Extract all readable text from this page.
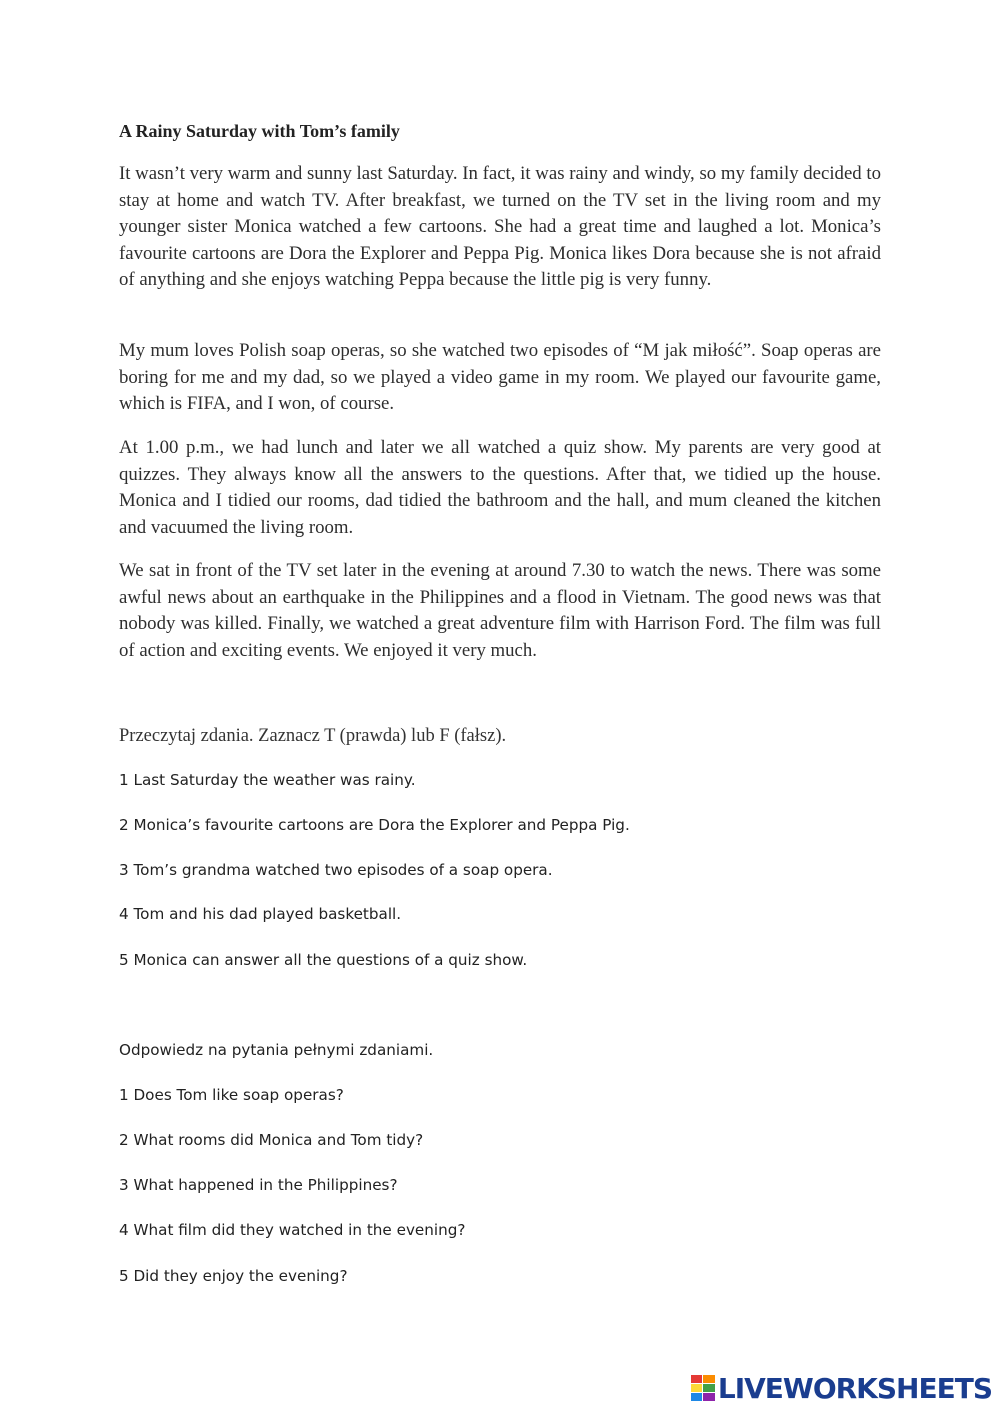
A Rainy Saturday with Tom’s family

It wasn’t very warm and sunny last Saturday. In fact, it was rainy and windy, so my family decided to stay at home and watch TV. After breakfast, we turned on the TV set in the living room and my younger sister Monica watched a few cartoons. She had a great time and laughed a lot. Monica’s favourite cartoons are Dora the Explorer and Peppa Pig. Monica likes Dora because she is not afraid of anything and she enjoys watching Peppa because the little pig is very funny.

My mum loves Polish soap operas, so she watched two episodes of “M jak miłość”. Soap operas are boring for me and my dad, so we played a video game in my room. We played our favourite game, which is FIFA, and I won, of course.

At 1.00 p.m., we had lunch and later we all watched a quiz show. My parents are very good at quizzes. They always know all the answers to the questions. After that, we tidied up the house. Monica and I tidied our rooms, dad tidied the bathroom and the hall, and mum cleaned the kitchen and vacuumed the living room.

We sat in front of the TV set later in the evening at around 7.30 to watch the news. There was some awful news about an earthquake in the Philippines and a flood in Vietnam. The good news was that nobody was killed. Finally, we watched a great adventure film with Harrison Ford. The film was full of action and exciting events. We enjoyed it very much.

Przeczytaj zdania. Zaznacz T (prawda) lub F (fałsz).

1 Last Saturday the weather was rainy.

2 Monica’s favourite cartoons are Dora the Explorer and Peppa Pig.

3 Tom’s grandma watched two episodes of a soap opera.

4 Tom and his dad played basketball.

5 Monica can answer all the questions of a quiz show.

Odpowiedz na pytania pełnymi zdaniami.

1 Does Tom like soap operas?

2 What rooms did Monica and Tom tidy?

3 What happened in the Philippines?

4 What film did they watched in the evening?

5 Did they enjoy the evening?

LIVEWORKSHEETS
